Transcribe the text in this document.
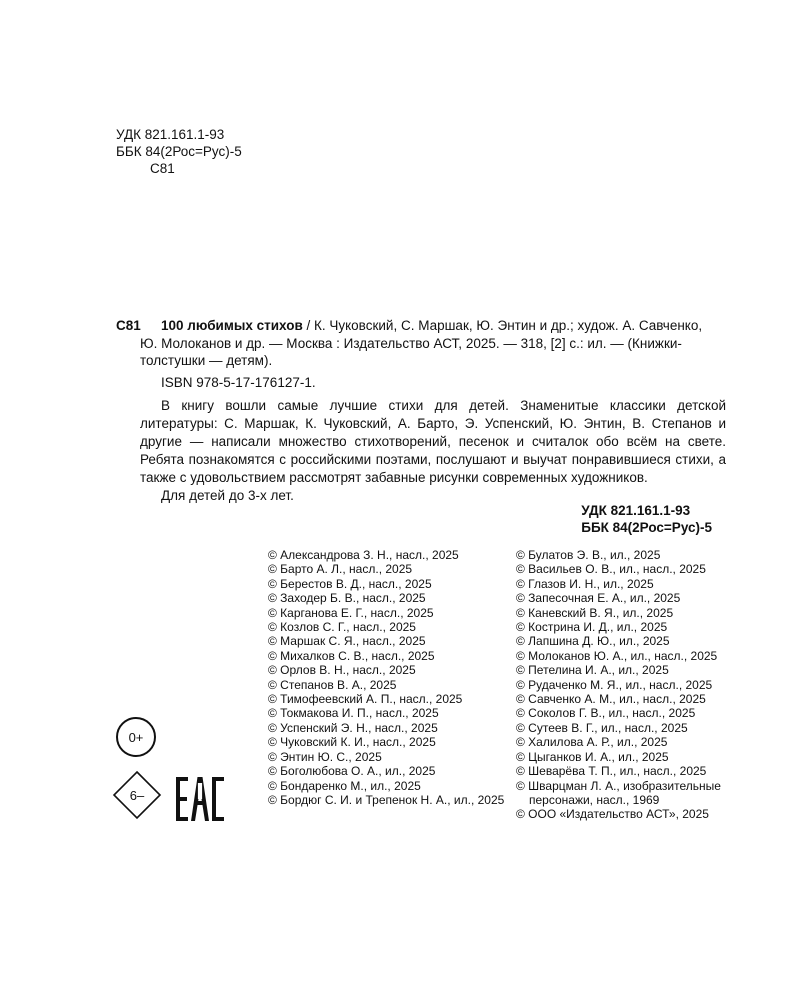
УДК 821.161.1-93
ББК 84(2Рос=Рус)-5
С81
С81 100 любимых стихов / К. Чуковский, С. Маршак, Ю. Энтин и др.; худож. А. Савченко,
Ю. Молоканов и др. — Москва : Издательство АСТ, 2025. — 318, [2] с.: ил. — (Книжки-
толстушки — детям).
ISBN 978-5-17-176127-1.

В книгу вошли самые лучшие стихи для детей. Знаменитые классики детской литературы: С. Маршак, К. Чуковский, А. Барто, Э. Успенский, Ю. Энтин, В. Степанов и другие — написали множество стихотворений, песенок и считалок обо всём на свете. Ребята познакомятся с российскими поэтами, послушают и выучат понравившиеся стихи, а также с удовольствием рассмотрят забавные рисунки современных художников.

Для детей до 3-х лет.

УДК 821.161.1-93
ББК 84(2Рос=Рус)-5
© Александрова З. Н., насл., 2025
© Барто А. Л., насл., 2025
© Берестов В. Д., насл., 2025
© Заходер Б. В., насл., 2025
© Карганова Е. Г., насл., 2025
© Козлов С. Г., насл., 2025
© Маршак С. Я., насл., 2025
© Михалков С. В., насл., 2025
© Орлов В. Н., насл., 2025
© Степанов В. А., 2025
© Тимофеевский А. П., насл., 2025
© Токмакова И. П., насл., 2025
© Успенский Э. Н., насл., 2025
© Чуковский К. И., насл., 2025
© Энтин Ю. С., 2025
© Боголюбова О. А., ил., 2025
© Бондаренко М., ил., 2025
© Бордюг С. И. и Трепенок Н. А., ил., 2025
© Булатов Э. В., ил., 2025
© Васильев О. В., ил., насл., 2025
© Глазов И. Н., ил., 2025
© Запесочная Е. А., ил., 2025
© Каневский В. Я., ил., 2025
© Кострина И. Д., ил., 2025
© Лапшина Д. Ю., ил., 2025
© Молоканов Ю. А., ил., насл., 2025
© Петелина И. А., ил., 2025
© Рудаченко М. Я., ил., насл., 2025
© Савченко А. М., ил., насл., 2025
© Соколов Г. В., ил., насл., 2025
© Сутеев В. Г., ил., насл., 2025
© Халилова А. Р., ил., 2025
© Цыганков И. А., ил., 2025
© Шеварёва Т. П., ил., насл., 2025
© Шварцман Л. А., изобразительные
персонажи, насл., 1969
© ООО «Издательство АСТ», 2025
0+
6–
